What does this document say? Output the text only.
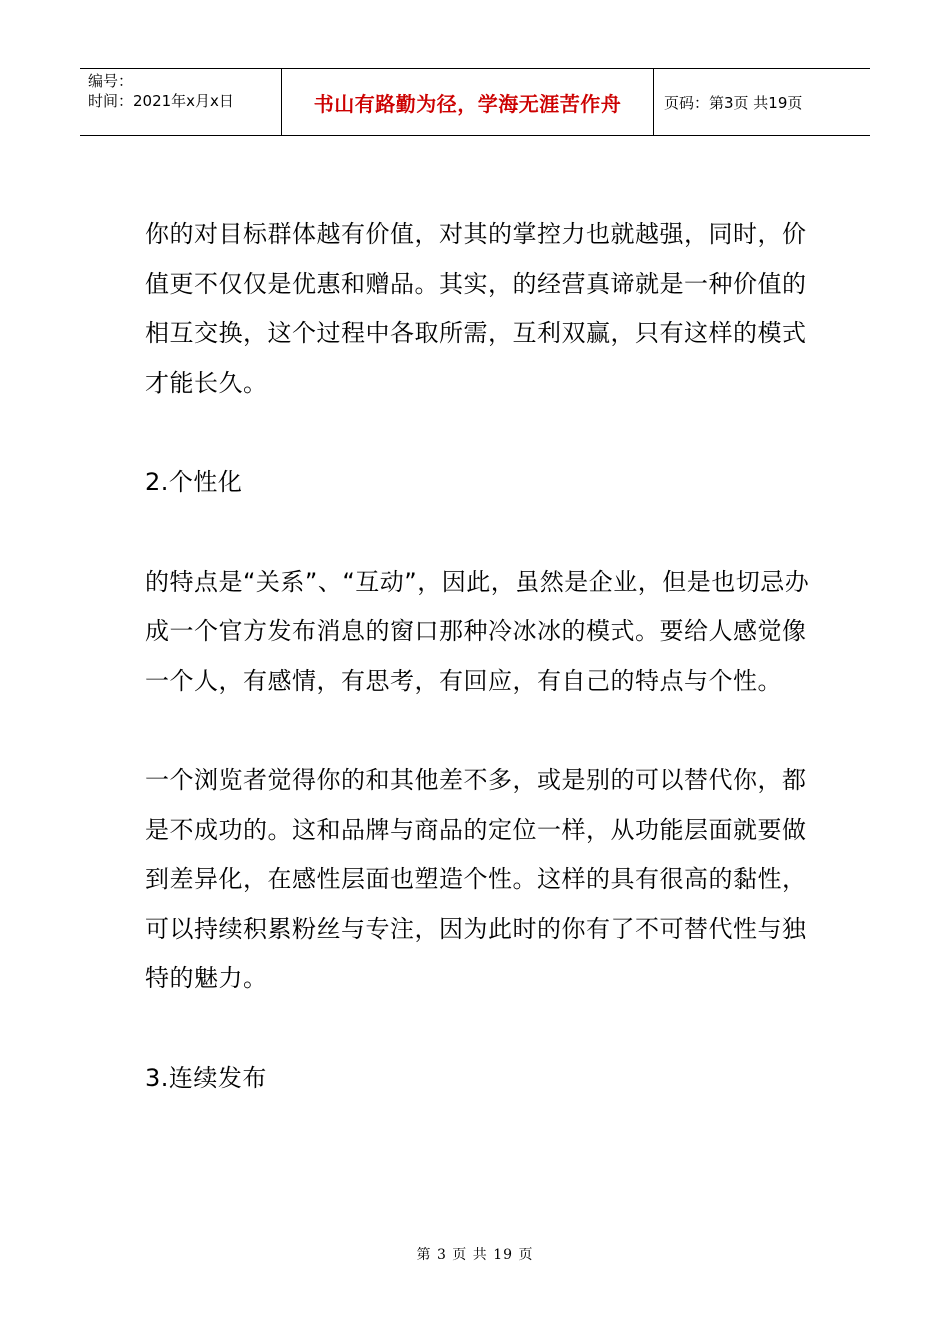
编号：
时间：2021年x月x日	书山有路勤为径，学海无涯苦作舟	页码：第3页 共19页

你的对目标群体越有价值，对其的掌控力也就越强，同时，价值更不仅仅是优惠和赠品。其实，的经营真谛就是一种价值的相互交换，这个过程中各取所需，互利双赢，只有这样的模式才能长久。

2.个性化

的特点是“关系”、“互动”，因此，虽然是企业，但是也切忌办成一个官方发布消息的窗口那种冷冰冰的模式。要给人感觉像一个人，有感情，有思考，有回应，有自己的特点与个性。

一个浏览者觉得你的和其他差不多，或是别的可以替代你，都是不成功的。这和品牌与商品的定位一样，从功能层面就要做到差异化，在感性层面也塑造个性。这样的具有很高的黏性，可以持续积累粉丝与专注，因为此时的你有了不可替代性与独特的魅力。

3.连续发布

第 3 页 共 19 页
